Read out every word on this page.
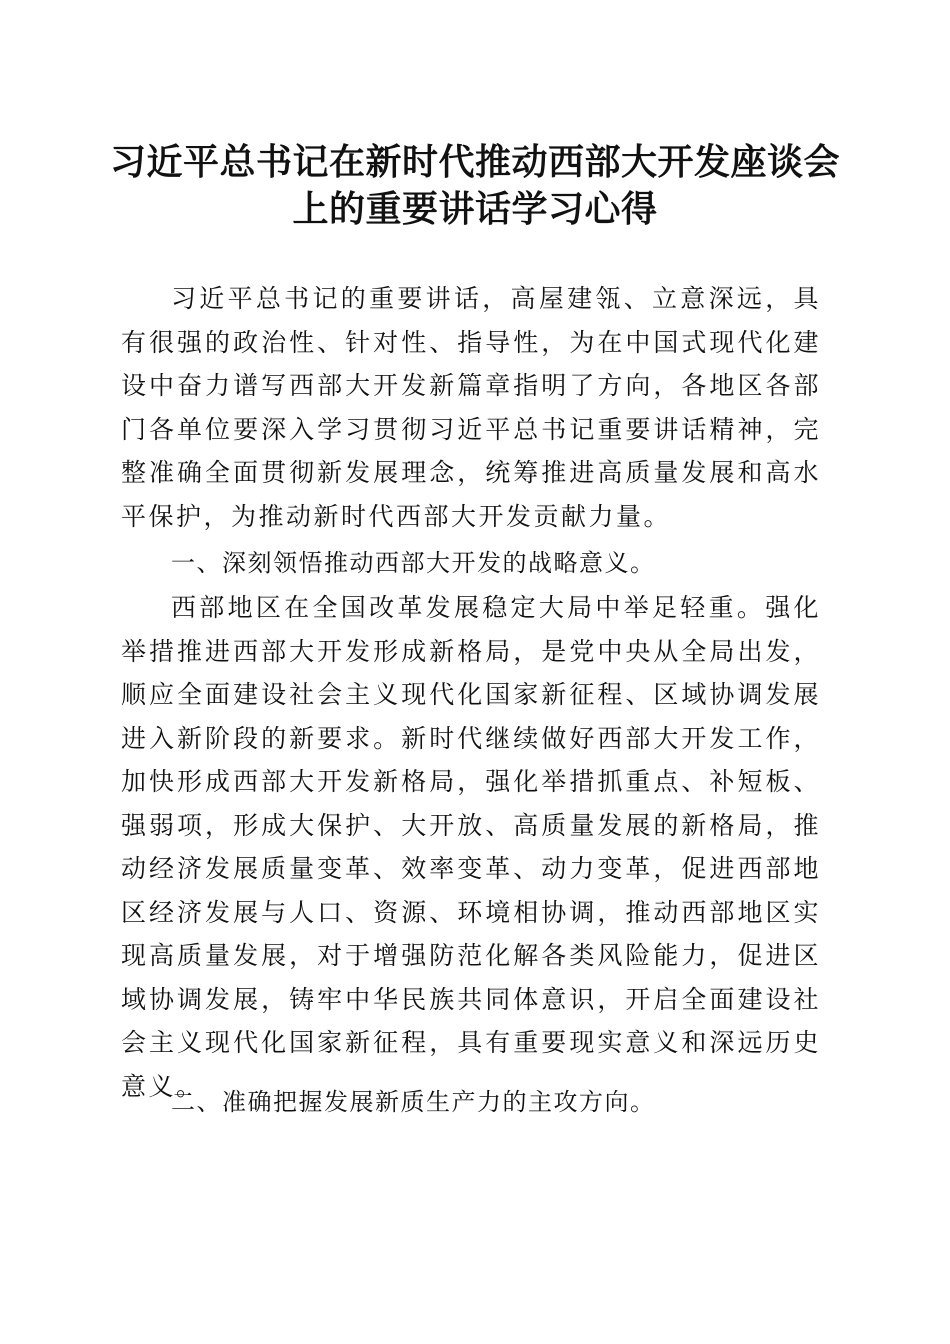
习近平总书记在新时代推动西部大开发座谈会
上的重要讲话学习心得

习近平总书记的重要讲话，高屋建瓴、立意深远，具有很强的政治性、针对性、指导性，为在中国式现代化建设中奋力谱写西部大开发新篇章指明了方向，各地区各部门各单位要深入学习贯彻习近平总书记重要讲话精神，完整准确全面贯彻新发展理念，统筹推进高质量发展和高水平保护，为推动新时代西部大开发贡献力量。

一、深刻领悟推动西部大开发的战略意义。

西部地区在全国改革发展稳定大局中举足轻重。强化举措推进西部大开发形成新格局，是党中央从全局出发，顺应全面建设社会主义现代化国家新征程、区域协调发展进入新阶段的新要求。新时代继续做好西部大开发工作，加快形成西部大开发新格局，强化举措抓重点、补短板、强弱项，形成大保护、大开放、高质量发展的新格局，推动经济发展质量变革、效率变革、动力变革，促进西部地区经济发展与人口、资源、环境相协调，推动西部地区实现高质量发展，对于增强防范化解各类风险能力，促进区域协调发展，铸牢中华民族共同体意识，开启全面建设社会主义现代化国家新征程，具有重要现实意义和深远历史意义。

二、准确把握发展新质生产力的主攻方向。
